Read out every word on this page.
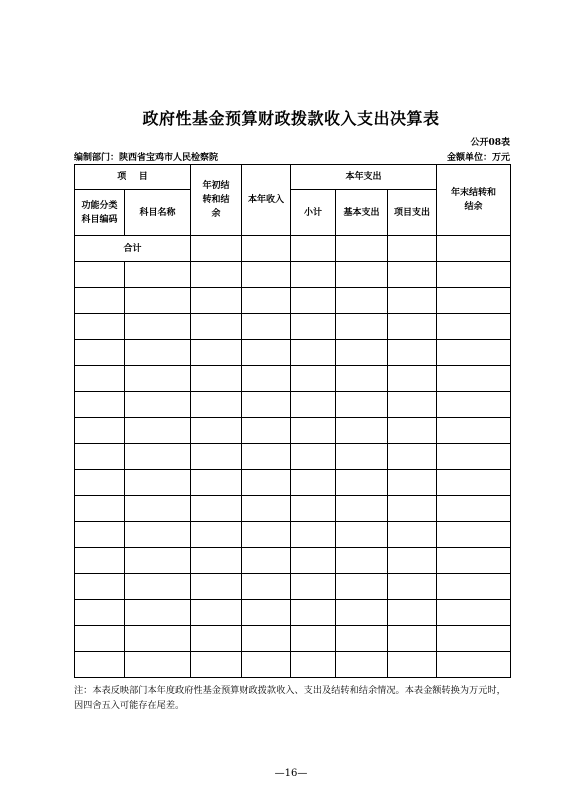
政府性基金预算财政拨款收入支出决算表
公开08表
编制部门：陕西省宝鸡市人民检察院	金额单位：万元
项    目		年初结转和结余	本年收入	本年支出			年末结转和结余
功能分类科目编码	科目名称			小计	基本支出	项目支出	
合计							

注：本表反映部门本年度政府性基金预算财政拨款收入、支出及结转和结余情况。本表金额转换为万元时，因四舍五入可能存在尾差。
—16—
